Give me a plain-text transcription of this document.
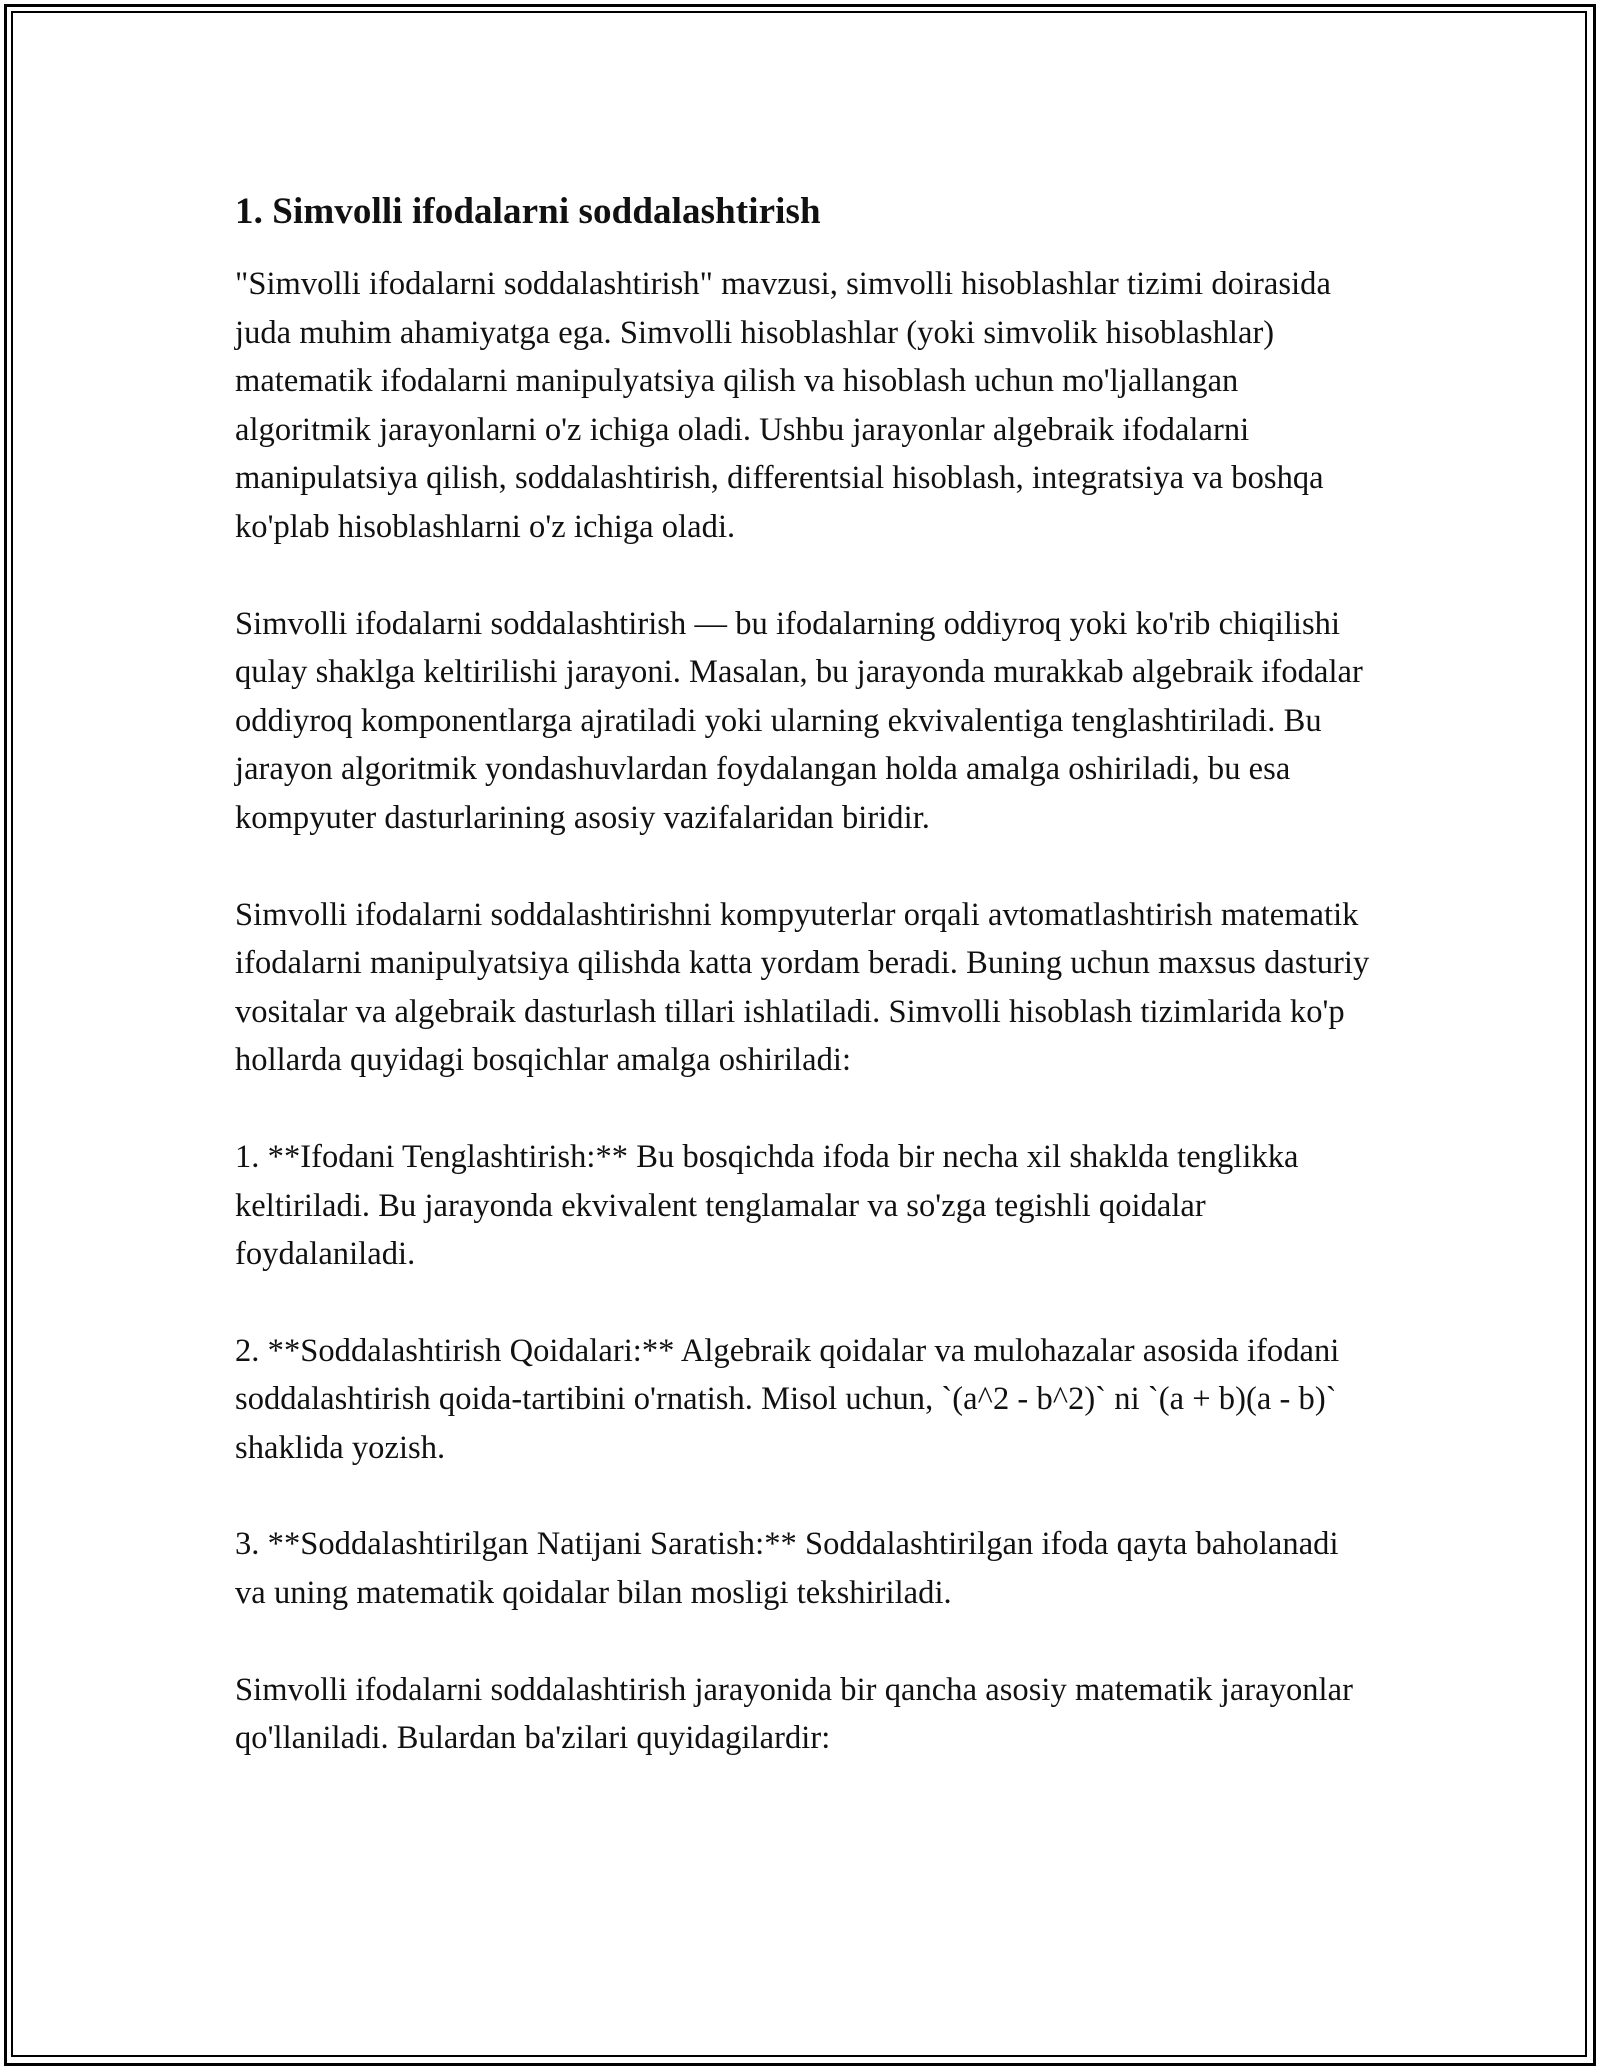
1. Simvolli ifodalarni soddalashtirish

"Simvolli ifodalarni soddalashtirish" mavzusi, simvolli hisoblashlar tizimi doirasida juda muhim ahamiyatga ega. Simvolli hisoblashlar (yoki simvolik hisoblashlar) matematik ifodalarni manipulyatsiya qilish va hisoblash uchun mo'ljallangan algoritmik jarayonlarni o'z ichiga oladi. Ushbu jarayonlar algebraik ifodalarni manipulatsiya qilish, soddalashtirish, differentsial hisoblash, integratsiya va boshqa ko'plab hisoblashlarni o'z ichiga oladi.

Simvolli ifodalarni soddalashtirish — bu ifodalarning oddiyroq yoki ko'rib chiqilishi qulay shaklga keltirilishi jarayoni. Masalan, bu jarayonda murakkab algebraik ifodalar oddiyroq komponentlarga ajratiladi yoki ularning ekvivalentiga tenglashtiriladi. Bu jarayon algoritmik yondashuvlardan foydalangan holda amalga oshiriladi, bu esa kompyuter dasturlarining asosiy vazifalaridan biridir.

Simvolli ifodalarni soddalashtirishni kompyuterlar orqali avtomatlashtirish matematik ifodalarni manipulyatsiya qilishda katta yordam beradi. Buning uchun maxsus dasturiy vositalar va algebraik dasturlash tillari ishlatiladi. Simvolli hisoblash tizimlarida ko'p hollarda quyidagi bosqichlar amalga oshiriladi:

1. **Ifodani Tenglashtirish:** Bu bosqichda ifoda bir necha xil shaklda tenglikka keltiriladi. Bu jarayonda ekvivalent tenglamalar va so'zga tegishli qoidalar foydalaniladi.

2. **Soddalashtirish Qoidalari:** Algebraik qoidalar va mulohazalar asosida ifodani soddalashtirish qoida-tartibini o'rnatish. Misol uchun, `(a^2 - b^2)` ni `(a + b)(a - b)` shaklida yozish.

3. **Soddalashtirilgan Natijani Saratish:** Soddalashtirilgan ifoda qayta baholanadi va uning matematik qoidalar bilan mosligi tekshiriladi.

Simvolli ifodalarni soddalashtirish jarayonida bir qancha asosiy matematik jarayonlar qo'llaniladi. Bulardan ba'zilari quyidagilardir:
